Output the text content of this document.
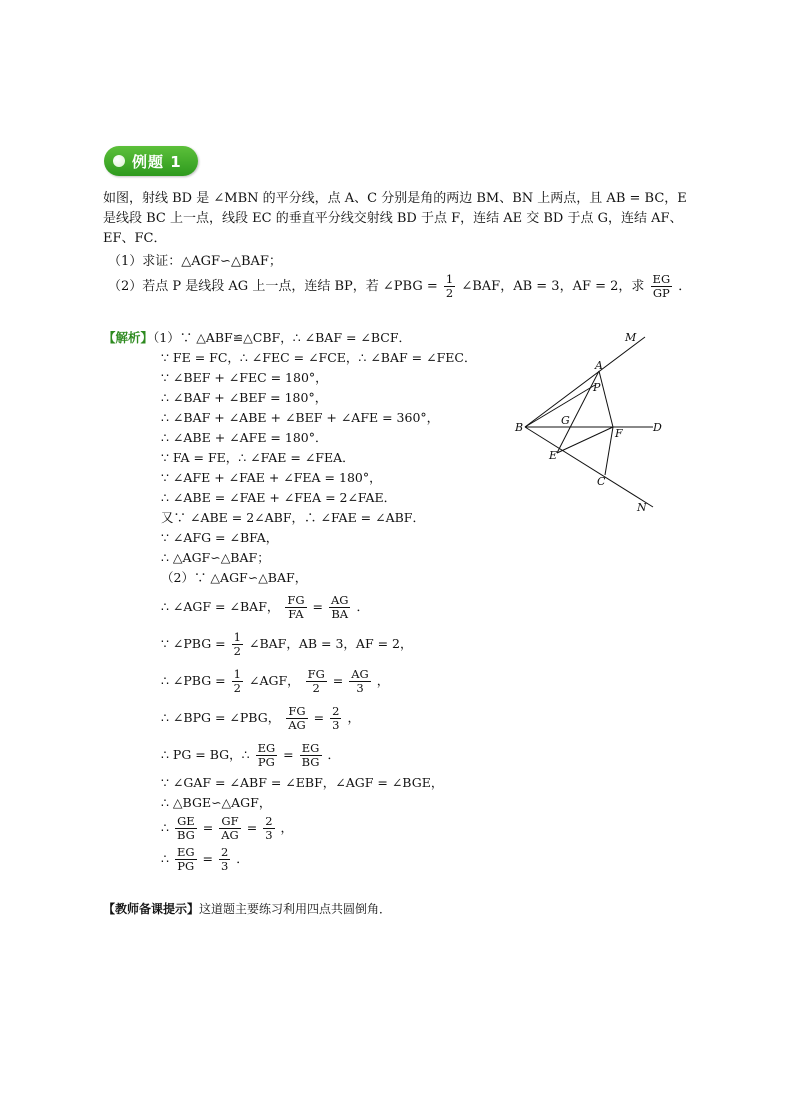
例题 1

如图，射线 BD 是 ∠MBN 的平分线，点 A、C 分别是角的两边 BM、BN 上两点，且 AB = BC，E 是线段 BC 上一点，线段 EC 的垂直平分线交射线 BD 于点 F，连结 AE 交 BD 于点 G，连结 AF、EF、FC．

（1）求证：△AGF∽△BAF；
（2）若点 P 是线段 AG 上一点，连结 BP，若 ∠PBG = $\frac{1}{2}$ ∠BAF，AB = 3，AF = 2，求 $\frac{EG}{GP}$ ．
M
A
P
B
G
F	D
E
C
N
【解析】（1）∵ △ABF≌△CBF，∴ ∠BAF = ∠BCF．
∵ FE = FC，∴ ∠FEC = ∠FCE，∴ ∠BAF = ∠FEC．
∵ ∠BEF + ∠FEC = 180°，
∴ ∠BAF + ∠BEF = 180°，
∴ ∠BAF + ∠ABE + ∠BEF + ∠AFE = 360°，
∴ ∠ABE + ∠AFE = 180°．
∵ FA = FE，∴ ∠FAE = ∠FEA．
∵ ∠AFE + ∠FAE + ∠FEA = 180°，
∴ ∠ABE = ∠FAE + ∠FEA = 2∠FAE．
又∵ ∠ABE = 2∠ABF，∴ ∠FAE = ∠ABF．
∵ ∠AFG = ∠BFA，
∴ △AGF∽△BAF；
（2）∵ △AGF∽△BAF，
∴ ∠AGF = ∠BAF， $\frac{FG}{FA} = \frac{AG}{BA}$ ．
∵ ∠PBG = $\frac{1}{2}$ ∠BAF，AB = 3，AF = 2，
∴ ∠PBG = $\frac{1}{2}$ ∠AGF， $\frac{FG}{2} = \frac{AG}{3}$ ，
∴ ∠BPG = ∠PBG， $\frac{FG}{AG} = \frac{2}{3}$ ，
∴ PG = BG，∴ $\frac{EG}{PG} = \frac{EG}{BG}$ ．
∵ ∠GAF = ∠ABF = ∠EBF，∠AGF = ∠BGE，
∴ △BGE∽△AGF，
∴ $\frac{GE}{BG} = \frac{GF}{AG} = \frac{2}{3}$ ，
∴ $\frac{EG}{PG} = \frac{2}{3}$ ．
【教师备课提示】这道题主要练习利用四点共圆倒角．
